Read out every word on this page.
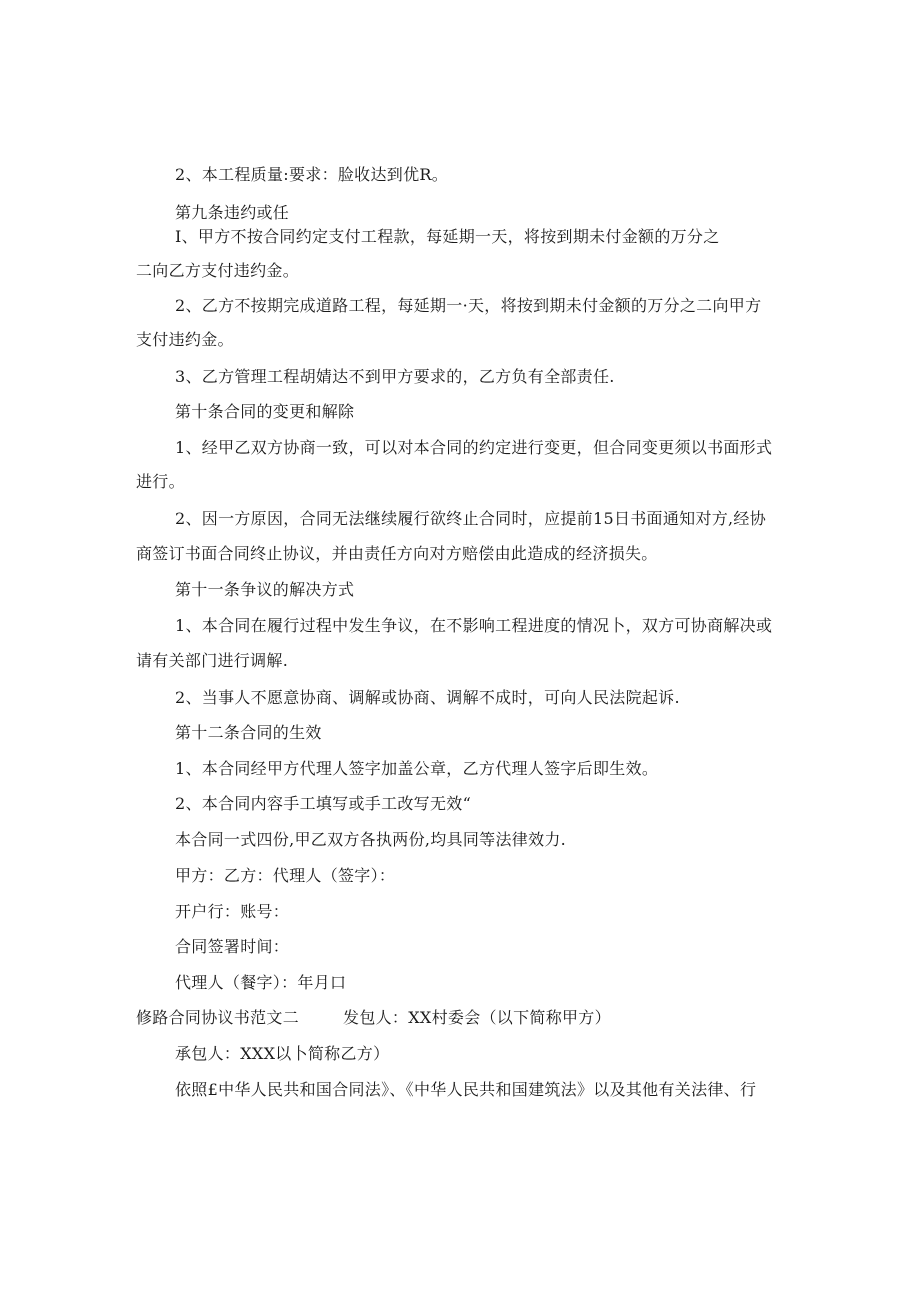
2、本工程质量:要求：脸收达到优R。

第九条违约或任

I、甲方不按合同约定支付工程款，每延期一天，将按到期未付金额的万分之

二向乙方支付违约金。

2、乙方不按期完成道路工程，每延期一·天，将按到期未付金额的万分之二向甲方

支付违约金。

3、乙方管理工程胡婧达不到甲方要求的，乙方负有全部责任.

第十条合同的变更和解除

1、经甲乙双方协商一致，可以对本合同的约定进行变更，但合同变更须以书面形式

进行。

2、因一方原因，合同无法继续履行欲终止合同时，应提前15日书面通知对方,经协

商签订书面合同终止协议，并由责任方向对方赔偿由此造成的经济损失。

第十一条争议的解决方式

1、本合同在履行过程中发生争议，在不影响工程进度的情况卜，双方可协商解决或

请有关部门进行调解.

2、当事人不愿意协商、调解或协商、调解不成时，可向人民法院起诉.

第十二条合同的生效

1、本合同经甲方代理人签字加盖公章，乙方代理人签字后即生效。

2、本合同内容手工填写或手工改写无效“

本合同一式四份,甲乙双方各执两份,均具同等法律效力.

甲方：乙方：代理人（签字）：

开户行：账号：

合同签署时间：

代理人（餐字）：年月口

修路合同协议书范文二	发包人：XX村委会（以下简称甲方）

承包人：XXX以卜简称乙方）

依照£中华人民共和国合同法》、《中华人民共和国建筑法》以及其他有关法律、行
